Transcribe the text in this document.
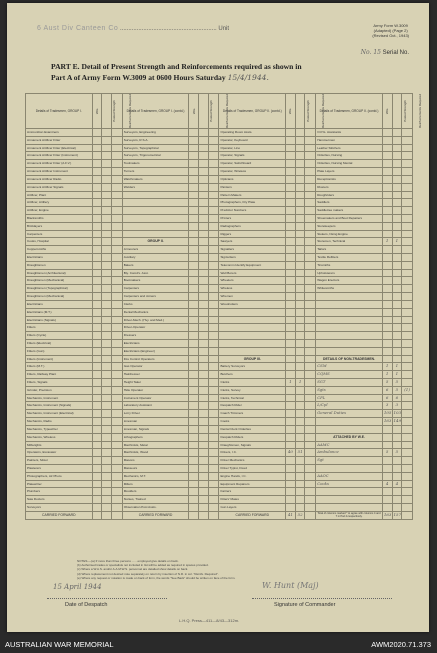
6 Aust Div Canteen Co .......................................................... Unit
Army Form W.3009
(Adapted) (Page 2)
(Revised Oct., 1943)
No. 15 Serial No.
PART E. Detail of Present Strength and Reinforcements required as shown in
Part A of Army Form W.3009 at 0600 Hours Saturday 15/4/1944.
Details of Tradesmen, GROUP I.	W.E.	Posted Strength	Reinforcements Required	Details of Tradesmen, GROUP I. (contd.)	W.E.	Posted Strength	Reinforcements Required	Details of Tradesmen, GROUP II. (contd.)	W.E.	Posted Strength	Reinforcements Required	Details of Tradesmen, GROUP II. (contd.)	W.E.	Posted Strength	Reinforcements Required
Ammunition Examiners				Surveyors, Engineering				Operating Room Assts.				O.P.G. Assistants			
Armament Artificer Fitter				Surveyors, R.S.A.				Operator, Keyboard				Hammermen			
Armament Artificer Fitter (Electrical)				Surveyors, Topographical				Operator, Lino				Leather Stitchers			
Armament Artificer Fitter (Instrument)				Surveyors, Trigonometrical				Operator, Signals				Orderlies, Nursing			
Armament Artificer Fitter (A.F.V.)				Toolmakers				Operator, Switchboard				Orderlies, Nursing Mental			
Armament Artificer Instrument				Turners				Operator, Wireless				Plate Layers			
Armament Artificer Radio				Watchmakers				Opticians				Receptionists			
Armament Artificer Signals				Welders				Painters				Riveters			
Artificer, Plant								Pattern Makers				Roughriders			
Artificer, Artillery								Photographers, Dry Plate				Saddlers			
Artificer, Engine								Predictor Numbers				Saddletree makers			
Blacksmiths								Printers				Shoemakers and Boot Repairers			
Bricklayers								Radiographers				Storekeepers			
Carpenters								Riggers				Stokers, Nsing Engine			
Cooks, Hospital				GROUP II.				Sawyers				Storemen, Technical	1	1	
Coppersmiths				Armourers				Signallers				Tailors			
Electricians				Auxiliary				Signwriters				Textile Refitters			
Draughtsmen				Bakers				Telecomm Identify Equipment				Tinsmiths			
Draughtsmen (Architectural)				Bty. Comd's. Asst.				Well Borers				Upholsterers			
Draughtsmen (Mechanical)				Bootmakers				Wheelers				Wagon Erectors			
Draughtsmen (Topographical)				Carpenters				Wireless				Whitesmiths			
Draughtsmen (Mechanical)				Carpenters and Joiners				Wiremen							
Electricians				Clerks				Woodcutters							
Electricians (M.T.)				Dental Mechanics											
Electricians (Signals)				Driver-Mech. (Hvy. and Med.)											
Fitters				Driver-Operator											
Fitters (Cycle)				Dressers											
Fitters (Electrical)				Electricians											
Fitters (Gun)				Electricians (Engineer)											
Fitters (Instrument)				Fire Control Operators				GROUP III.				DETAILS OF NON-TRADESMEN.			
Fitters (M.T.)				Gas Operator				Battery Surveyors				CSM	1	1	
Fitters, Railway Plant				Hairdresser				Butchers				CQMS	1	1	
Fitters, Signals				Height Taker				Clerks	1	1		SGT	5	5	
Grinder, Precision				Hide Operator				Clerks, Survey				Sgts	6	5	(1)
Mechanics, Instrument				Instrument Operator				Clerks, Technical				CPL	6	6	
Mechanics, Instrument (Signals)				Laboratory Assistant				Despatch Rider				L/Cpl	3	3	
Mechanics, Instrument (Electrical)				Lorry Driver				Coach Trimmers				General Duties	105	103	
Mechanics, Radio				Linesman				Cooks					163	149	
Mechanics, Typewriter				Linesman, Signals				Dental Clerk Orderlies							
Mechanics, Wireless				Lithographers				Despatch Riders				ATTACHED BY W.E.			
Millwrights				Machinists, Metal				Draughtsmen, Signals				AAMC			
Operators, Excavator				Machinists, Wood				Drivers, I.C.	40	51		Ambulance	5	5	
Painters, Motor				Masons				Driver Mechanics				Sgt			
Plasterers				Masseurs				Driver Typist, Fixed							
Photographers, Air Photo				Mechanics, M.T.				Engine Hands, I.C.				AAOC			
Platewriter				Millers				Equipment Repairers				Cooks	4	4	
Plumbers				Moulders				Farriers							
Saw Doctors				Nurses, Trained				Fitters' Mates							
Surveyors				Observation Post Assts.				Gun Layers							
CARRIED FORWARD				CARRIED FORWARD				CARRIED FORWARD	41	52		Total of columns marked * to agree with columns 4 and 7 in Part A respectively.	163	157	
NOTES.—(a) If more than three persons ...... employed give details on back.
(b) Authorised trades or specialists not included in list will be added as required in spaces provided.
(c) Where a W.A.S. and/or A.A.M.W.S. personnel are detailed show details on back.
(d) Where replacement not desired note separately on return by insertion of N.R. in col. "Reinfs. Required".
(e) Where any request or notation is made on back of form, the words "See Back" should be written on face of the form.
15 April 1944
Date of Despatch
W. Hunt (Maj)
Signature of Commander
L.H.Q. Press—411—8/43—312m.
AUSTRALIAN WAR MEMORIAL	AWM2020.71.373
